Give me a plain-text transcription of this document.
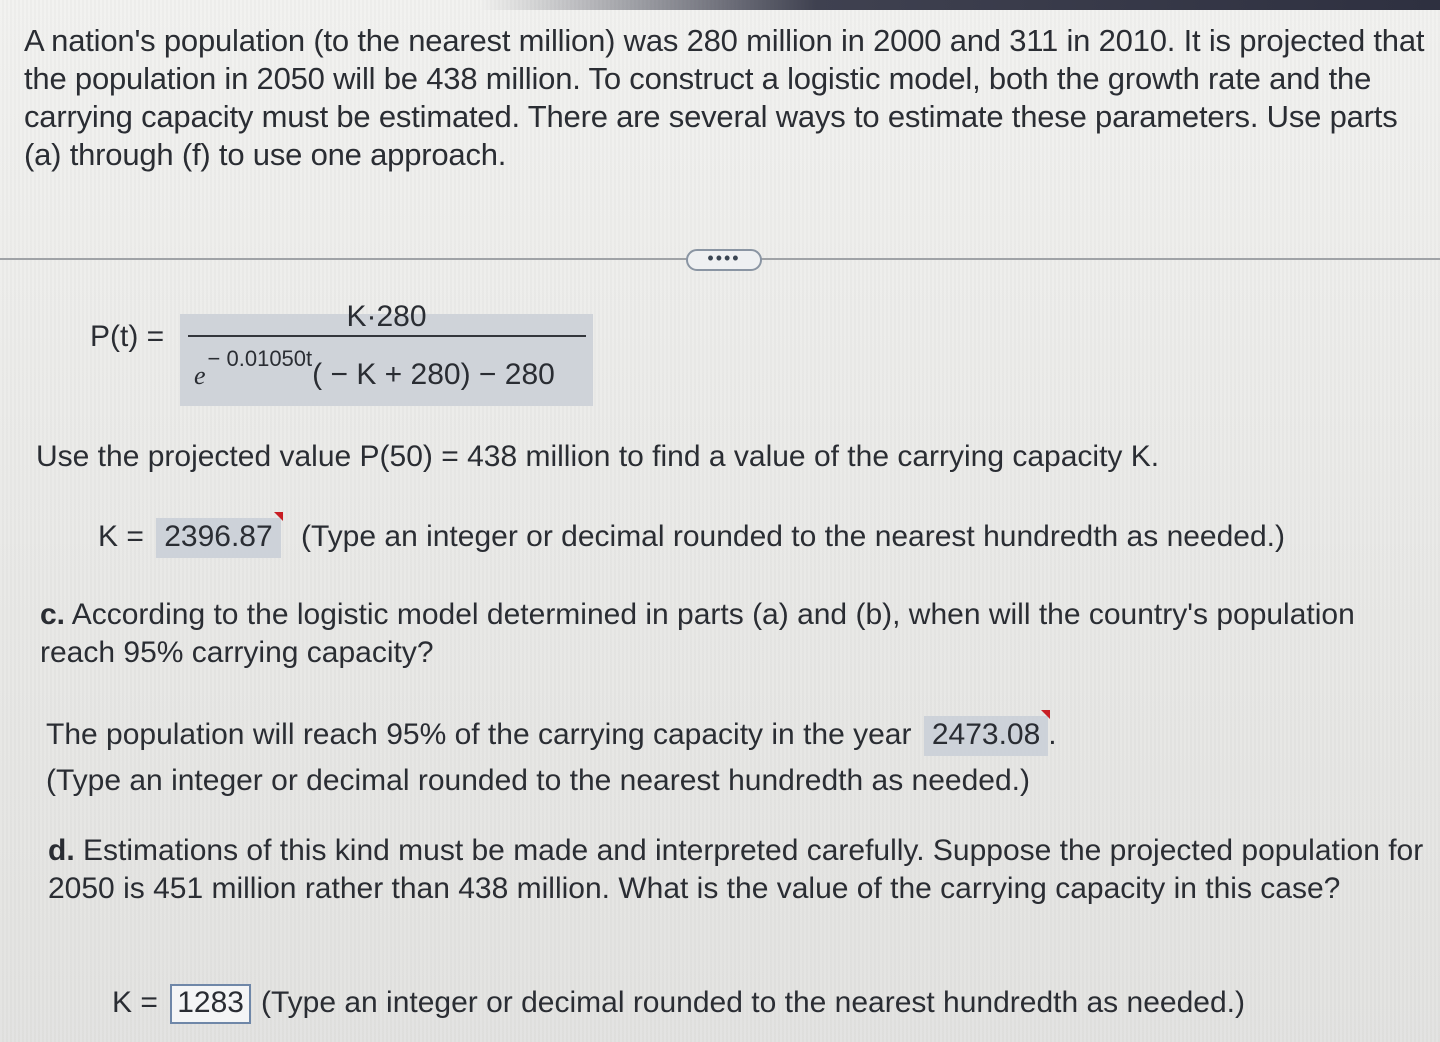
A nation's population (to the nearest million) was 280 million in 2000 and 311 in 2010. It is projected that the population in 2050 will be 438 million. To construct a logistic model, both the growth rate and the carrying capacity must be estimated. There are several ways to estimate these parameters. Use parts (a) through (f) to use one approach.
••••
P(t) =
K·280
e− 0.01050t( − K + 280) − 280
Use the projected value P(50) = 438 million to find a value of the carrying capacity K.
K = 2396.87 (Type an integer or decimal rounded to the nearest hundredth as needed.)
c. According to the logistic model determined in parts (a) and (b), when will the country's population reach 95% carrying capacity?
The population will reach 95% of the carrying capacity in the year 2473.08 .
(Type an integer or decimal rounded to the nearest hundredth as needed.)
d. Estimations of this kind must be made and interpreted carefully. Suppose the projected population for 2050 is 451 million rather than 438 million. What is the value of the carrying capacity in this case?
K = 1283 (Type an integer or decimal rounded to the nearest hundredth as needed.)
